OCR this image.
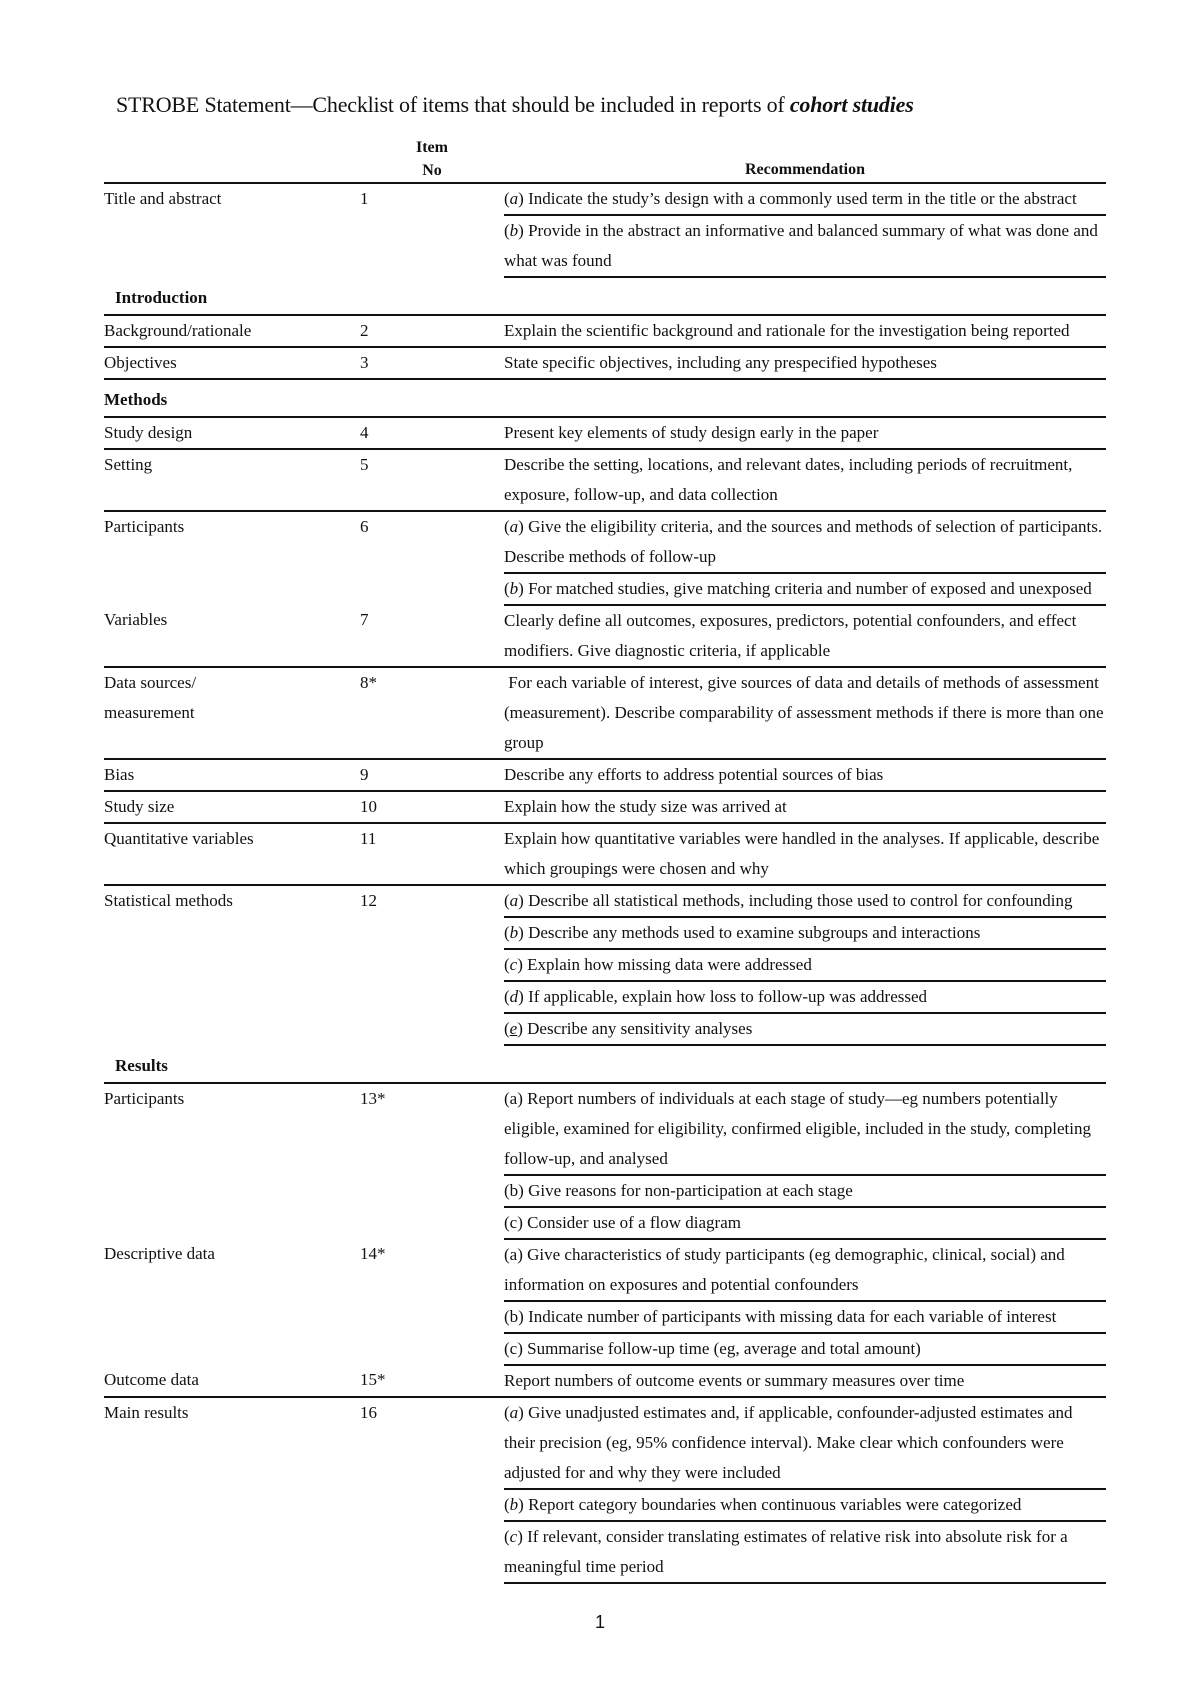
STROBE Statement—Checklist of items that should be included in reports of cohort studies
	Item
No	Recommendation
Title and abstract	1	(a) Indicate the study’s design with a commonly used term in the title or the abstract
		(b) Provide in the abstract an informative and balanced summary of what was done and what was found
Introduction		
Background/rationale	2	Explain the scientific background and rationale for the investigation being reported
Objectives	3	State specific objectives, including any prespecified hypotheses
Methods		
Study design	4	Present key elements of study design early in the paper
Setting	5	Describe the setting, locations, and relevant dates, including periods of recruitment, exposure, follow-up, and data collection
Participants	6	(a) Give the eligibility criteria, and the sources and methods of selection of participants. Describe methods of follow-up
		(b) For matched studies, give matching criteria and number of exposed and unexposed
Variables	7	Clearly define all outcomes, exposures, predictors, potential confounders, and effect modifiers. Give diagnostic criteria, if applicable
Data sources/
measurement	8*	For each variable of interest, give sources of data and details of methods of assessment (measurement). Describe comparability of assessment methods if there is more than one group
Bias	9	Describe any efforts to address potential sources of bias
Study size	10	Explain how the study size was arrived at
Quantitative variables	11	Explain how quantitative variables were handled in the analyses. If applicable, describe which groupings were chosen and why
Statistical methods	12	(a) Describe all statistical methods, including those used to control for confounding
		(b) Describe any methods used to examine subgroups and interactions
		(c) Explain how missing data were addressed
		(d) If applicable, explain how loss to follow-up was addressed
		(e) Describe any sensitivity analyses
Results		
Participants	13*	(a) Report numbers of individuals at each stage of study—eg numbers potentially eligible, examined for eligibility, confirmed eligible, included in the study, completing follow-up, and analysed
		(b) Give reasons for non-participation at each stage
		(c) Consider use of a flow diagram
Descriptive data	14*	(a) Give characteristics of study participants (eg demographic, clinical, social) and information on exposures and potential confounders
		(b) Indicate number of participants with missing data for each variable of interest
		(c) Summarise follow-up time (eg, average and total amount)
Outcome data	15*	Report numbers of outcome events or summary measures over time
Main results	16	(a) Give unadjusted estimates and, if applicable, confounder-adjusted estimates and their precision (eg, 95% confidence interval). Make clear which confounders were adjusted for and why they were included
		(b) Report category boundaries when continuous variables were categorized
		(c) If relevant, consider translating estimates of relative risk into absolute risk for a meaningful time period
1
